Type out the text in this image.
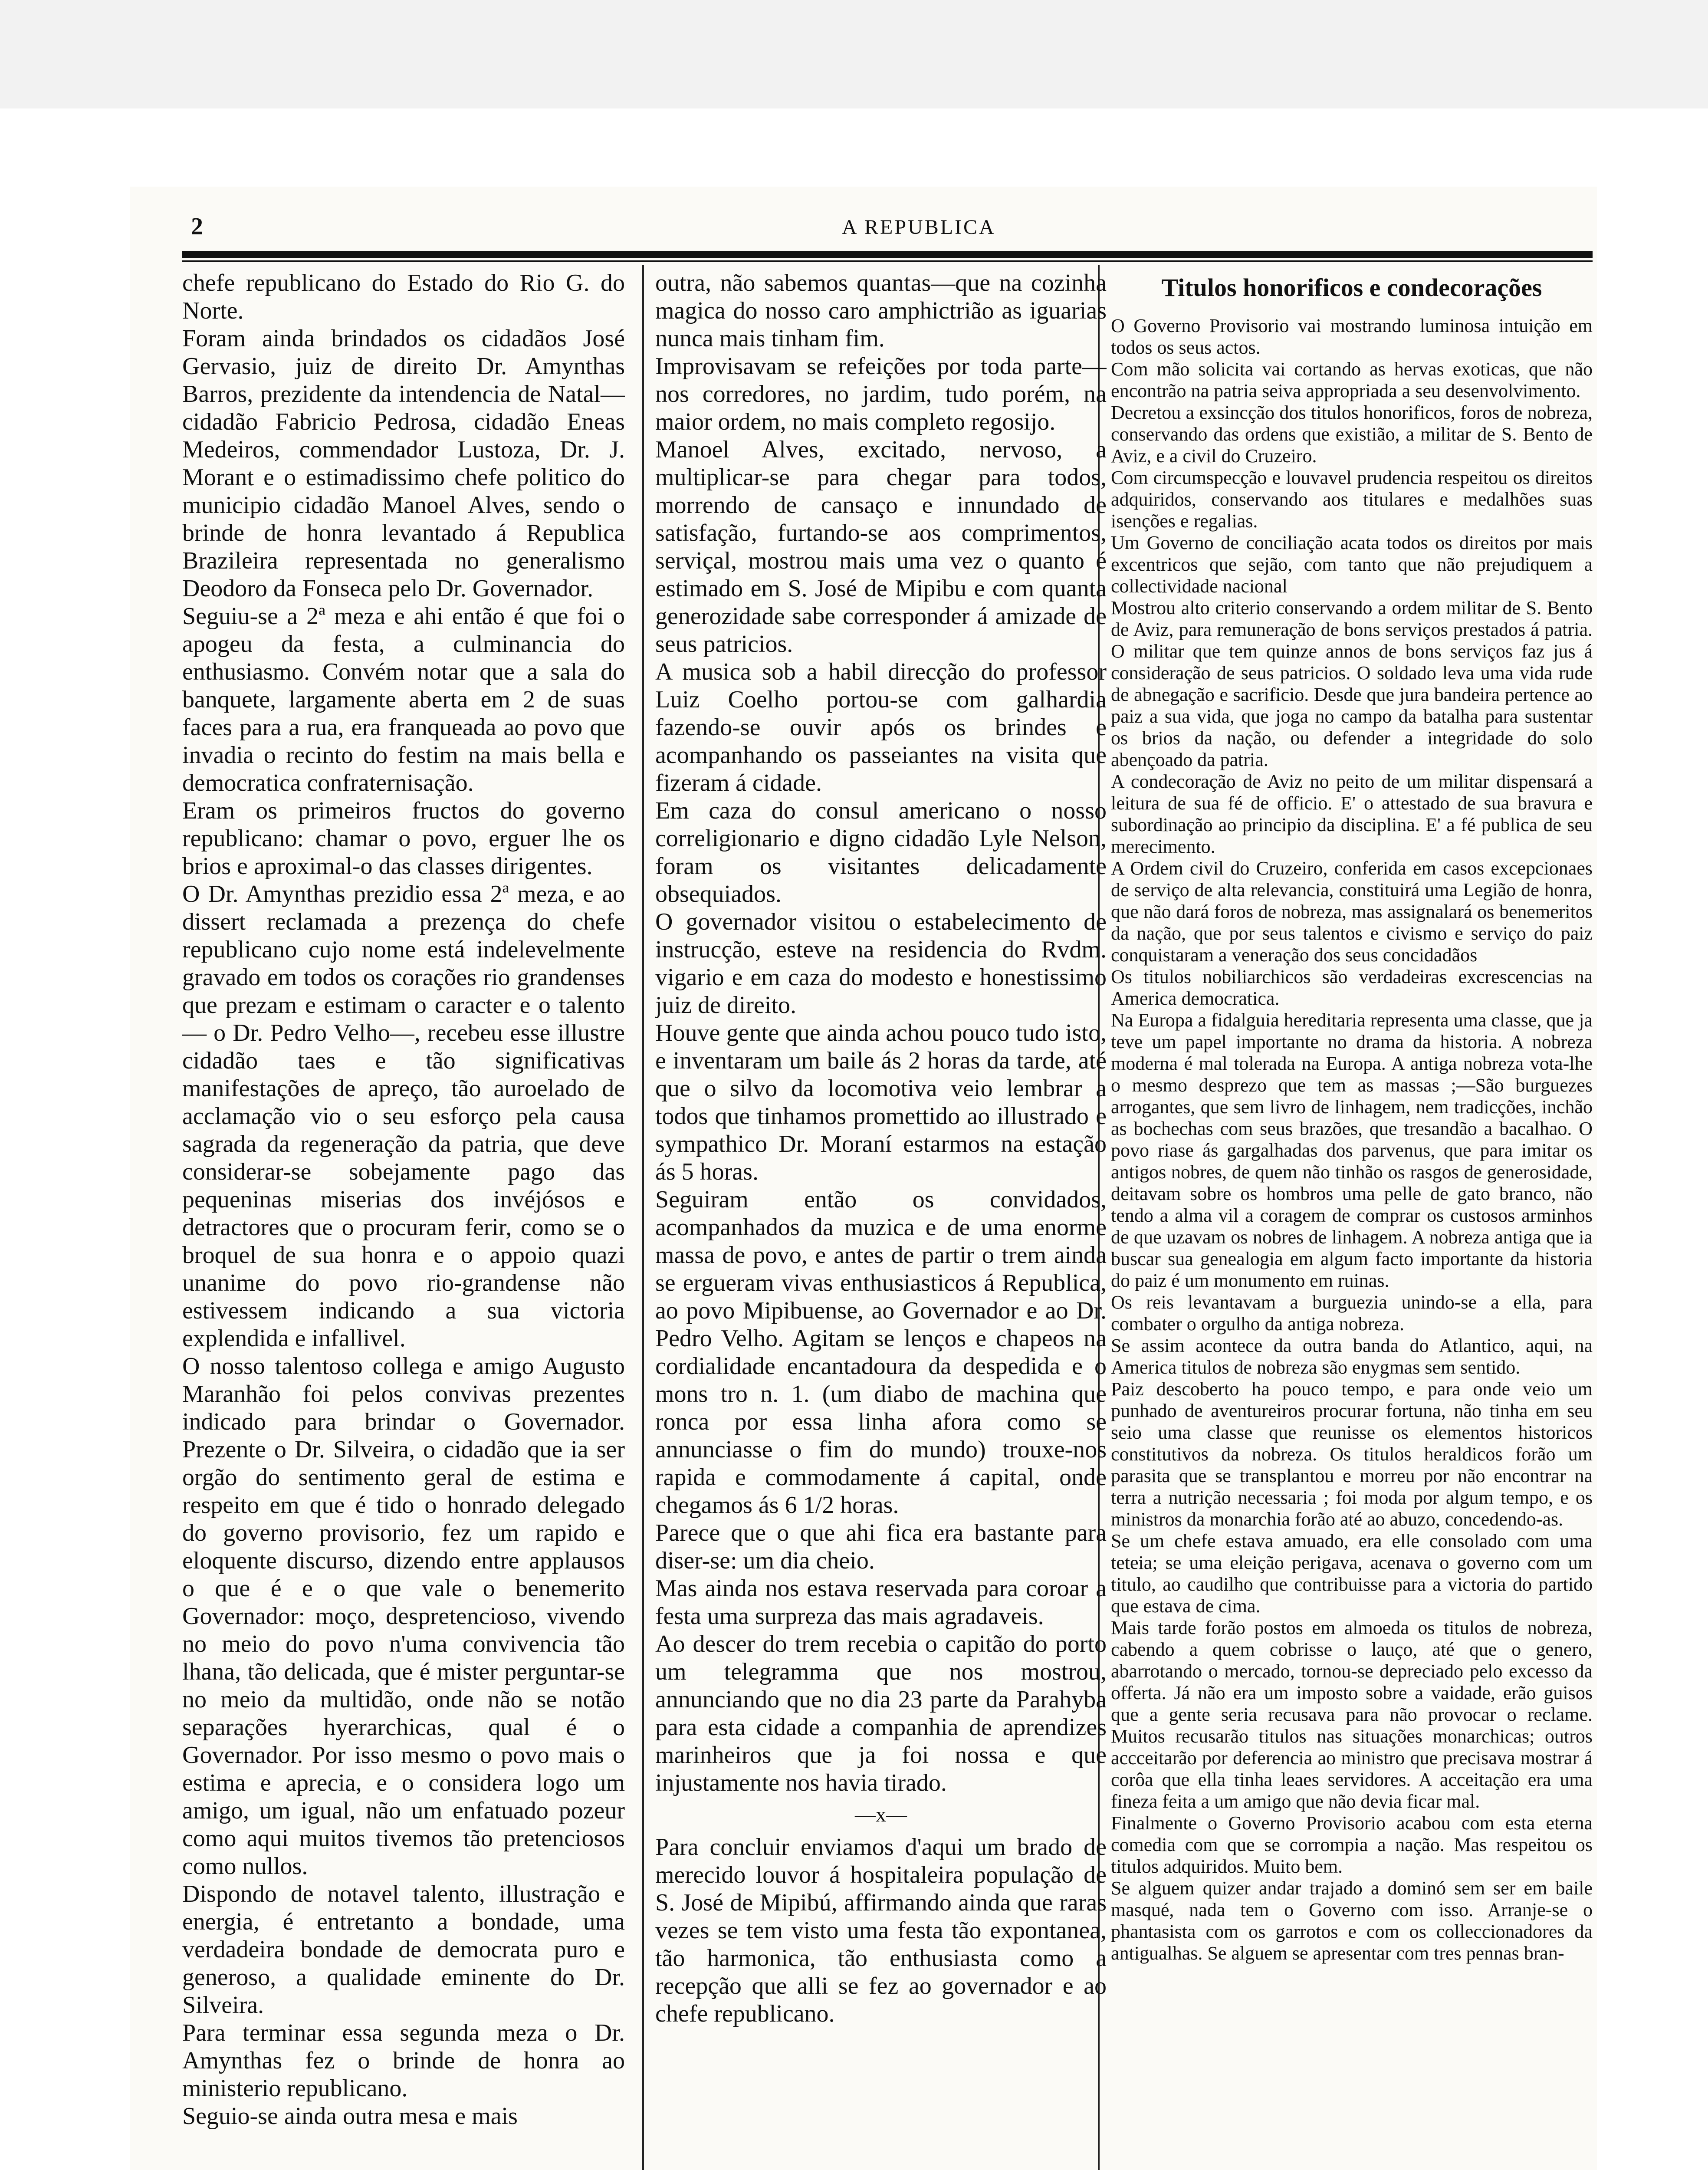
2	A REPUBLICA

chefe republicano do Estado do Rio G. do Norte.

Foram ainda brindados os cidadãos José Gervasio, juiz de direito Dr. Amynthas Barros, prezidente da intendencia de Natal—cidadão Fabricio Pedrosa, cidadão Eneas Medeiros, commendador Lustoza, Dr. J. Morant e o estimadissimo chefe politico do municipio cidadão Manoel Alves, sendo o brinde de honra levantado á Republica Brazileira representada no generalismo Deodoro da Fonseca pelo Dr. Governador.

Seguiu-se a 2ª meza e ahi então é que foi o apogeu da festa, a culminancia do enthusiasmo. Convém notar que a sala do banquete, largamente aberta em 2 de suas faces para a rua, era franqueada ao povo que invadia o recinto do festim na mais bella e democratica confraternisação.

Eram os primeiros fructos do governo republicano: chamar o povo, erguer lhe os brios e aproximal-o das classes dirigentes.

O Dr. Amynthas prezidio essa 2ª meza, e ao dissert reclamada a prezença do chefe republicano cujo nome está indelevelmente gravado em todos os corações rio grandenses que prezam e estimam o caracter e o talento — o Dr. Pedro Velho—, recebeu esse illustre cidadão taes e tão significativas manifestações de apreço, tão auroelado de acclamação vio o seu esforço pela causa sagrada da regeneração da patria, que deve considerar-se sobejamente pago das pequeninas miserias dos invéjósos e detractores que o procuram ferir, como se o broquel de sua honra e o appoio quazi unanime do povo rio-grandense não estivessem indicando a sua victoria explendida e infallivel.

O nosso talentoso collega e amigo Augusto Maranhão foi pelos convivas prezentes indicado para brindar o Governador. Prezente o Dr. Silveira, o cidadão que ia ser orgão do sentimento geral de estima e respeito em que é tido o honrado delegado do governo provisorio, fez um rapido e eloquente discurso, dizendo entre applausos o que é e o que vale o benemerito Governador: moço, despretencioso, vivendo no meio do povo n'uma convivencia tão lhana, tão delicada, que é mister perguntar-se no meio da multidão, onde não se notão separações hyerarchicas, qual é o Governador. Por isso mesmo o povo mais o estima e aprecia, e o considera logo um amigo, um igual, não um enfatuado pozeur como aqui muitos tivemos tão pretenciosos como nullos.

Dispondo de notavel talento, illustração e energia, é entretanto a bondade, uma verdadeira bondade de democrata puro e generoso, a qualidade eminente do Dr. Silveira.

Para terminar essa segunda meza o Dr. Amynthas fez o brinde de honra ao ministerio republicano.

Seguio-se ainda outra mesa e mais

outra, não sabemos quantas—que na cozinha magica do nosso caro amphictrião as iguarias nunca mais tinham fim.

Improvisavam se refeições por toda parte—nos corredores, no jardim, tudo porém, na maior ordem, no mais completo regosijo.

Manoel Alves, excitado, nervoso, a multiplicar-se para chegar para todos, morrendo de cansaço e innundado de satisfação, furtando-se aos comprimentos, serviçal, mostrou mais uma vez o quanto é estimado em S. José de Mipibu e com quanta generozidade sabe corresponder á amizade de seus patricios.

A musica sob a habil direcção do professor Luiz Coelho portou-se com galhardia fazendo-se ouvir após os brindes e acompanhando os passeiantes na visita que fizeram á cidade.

Em caza do consul americano o nosso correligionario e digno cidadão Lyle Nelson, foram os visitantes delicadamente obsequiados.

O governador visitou o estabelecimento de instrucção, esteve na residencia do Rvdm. vigario e em caza do modesto e honestissimo juiz de direito.

Houve gente que ainda achou pouco tudo isto, e inventaram um baile ás 2 horas da tarde, até que o silvo da locomotiva veio lembrar a todos que tinhamos promettido ao illustrado e sympathico Dr. Moraní estarmos na estação ás 5 horas.

Seguiram então os convidados, acompanhados da muzica e de uma enorme massa de povo, e antes de partir o trem ainda se ergueram vivas enthusiasticos á Republica, ao povo Mipibuense, ao Governador e ao Dr. Pedro Velho. Agitam se lenços e chapeos na cordialidade encantadoura da despedida e o mons tro n. 1. (um diabo de machina que ronca por essa linha afora como se annunciasse o fim do mundo) trouxe-nos rapida e commodamente á capital, onde chegamos ás 6 1/2 horas.

Parece que o que ahi fica era bastante para diser-se: um dia cheio.

Mas ainda nos estava reservada para coroar a festa uma surpreza das mais agradaveis.

Ao descer do trem recebia o capitão do porto um telegramma que nos mostrou, annunciando que no dia 23 parte da Parahyba para esta cidade a companhia de aprendizes marinheiros que ja foi nossa e que injustamente nos havia tirado.

—x—

Para concluir enviamos d'aqui um brado de merecido louvor á hospitaleira população de S. José de Mipibú, affirmando ainda que raras vezes se tem visto uma festa tão expontanea, tão harmonica, tão enthusiasta como a recepção que alli se fez ao governador e ao chefe republicano.

Titulos honorificos e condecorações

O Governo Provisorio vai mostrando luminosa intuição em todos os seus actos.

Com mão solicita vai cortando as hervas exoticas, que não encontrão na patria seiva appropriada a seu desenvolvimento.

Decretou a exsincção dos titulos honorificos, foros de nobreza, conservando das ordens que existião, a militar de S. Bento de Aviz, e a civil do Cruzeiro.

Com circumspecção e louvavel prudencia respeitou os direitos adquiridos, conservando aos titulares e medalhões suas isenções e regalias.

Um Governo de conciliação acata todos os direitos por mais excentricos que sejão, com tanto que não prejudiquem a collectividade nacional

Mostrou alto criterio conservando a ordem militar de S. Bento de Aviz, para remuneração de bons serviços prestados á patria. O militar que tem quinze annos de bons serviços faz jus á consideração de seus patricios. O soldado leva uma vida rude de abnegação e sacrificio. Desde que jura bandeira pertence ao paiz a sua vida, que joga no campo da batalha para sustentar os brios da nação, ou defender a integridade do solo abençoado da patria.

A condecoração de Aviz no peito de um militar dispensará a leitura de sua fé de officio. E' o attestado de sua bravura e subordinação ao principio da disciplina. E' a fé publica de seu merecimento.

A Ordem civil do Cruzeiro, conferida em casos excepcionaes de serviço de alta relevancia, constituirá uma Legião de honra, que não dará foros de nobreza, mas assignalará os benemeritos da nação, que por seus talentos e civismo e serviço do paiz conquistaram a veneração dos seus concidadãos

Os titulos nobiliarchicos são verdadeiras excrescencias na America democratica.

Na Europa a fidalguia hereditaria representa uma classe, que ja teve um papel importante no drama da historia. A nobreza moderna é mal tolerada na Europa. A antiga nobreza vota-lhe o mesmo desprezo que tem as massas ;—São burguezes arrogantes, que sem livro de linhagem, nem tradicções, inchão as bochechas com seus brazões, que tresandão a bacalhao. O povo riase ás gargalhadas dos parvenus, que para imitar os antigos nobres, de quem não tinhão os rasgos de generosidade, deitavam sobre os hombros uma pelle de gato branco, não tendo a alma vil a coragem de comprar os custosos arminhos de que uzavam os nobres de linhagem. A nobreza antiga que ia buscar sua genealogia em algum facto importante da historia do paiz é um monumento em ruinas.

Os reis levantavam a burguezia unindo-se a ella, para combater o orgulho da antiga nobreza.

Se assim acontece da outra banda do Atlantico, aqui, na America titulos de nobreza são enygmas sem sentido.

Paiz descoberto ha pouco tempo, e para onde veio um punhado de aventureiros procurar fortuna, não tinha em seu seio uma classe que reunisse os elementos historicos constitutivos da nobreza. Os titulos heraldicos forão um parasita que se transplantou e morreu por não encontrar na terra a nutrição necessaria ; foi moda por algum tempo, e os ministros da monarchia forão até ao abuzo, concedendo-as.

Se um chefe estava amuado, era elle consolado com uma teteia; se uma eleição perigava, acenava o governo com um titulo, ao caudilho que contribuisse para a victoria do partido que estava de cima.

Mais tarde forão postos em almoeda os titulos de nobreza, cabendo a quem cobrisse o lauço, até que o genero, abarrotando o mercado, tornou-se depreciado pelo excesso da offerta. Já não era um imposto sobre a vaidade, erão guisos que a gente seria recusava para não provocar o reclame. Muitos recusarão titulos nas situações monarchicas; outros accceitarão por deferencia ao ministro que precisava mostrar á corôa que ella tinha leaes servidores. A acceitação era uma fineza feita a um amigo que não devia ficar mal.

Finalmente o Governo Provisorio acabou com esta eterna comedia com que se corrompia a nação. Mas respeitou os titulos adquiridos. Muito bem.

Se alguem quizer andar trajado a dominó sem ser em baile masqué, nada tem o Governo com isso. Arranje-se o phantasista com os garrotos e com os colleccionadores da antigualhas. Se alguem se apresentar com tres pennas bran-
